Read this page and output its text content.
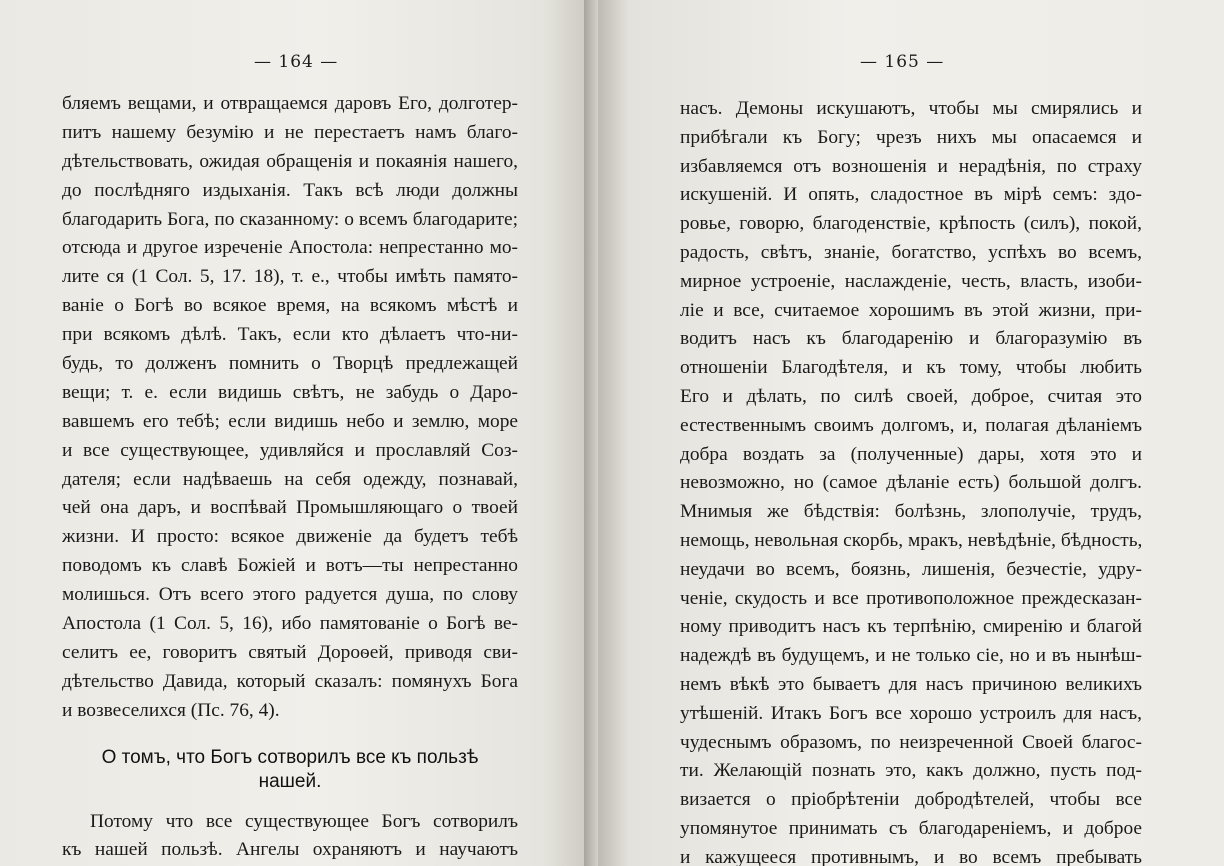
— 164 —
бляемъ вещами, и отвращаемся даровъ Его, долготер-
питъ нашему безумію и не перестаетъ намъ благо-
дѣтельствовать, ожидая обращенія и покаянія нашего,
до послѣдняго издыханія. Такъ всѣ люди должны
благодарить Бога, по сказанному: о всемъ благодарите;
отсюда и другое изреченіе Апостола: непрестанно мо-
лите ся (1 Сол. 5, 17. 18), т. е., чтобы имѣть памято-
ваніе о Богѣ во всякое время, на всякомъ мѣстѣ и
при всякомъ дѣлѣ. Такъ, если кто дѣлаетъ что-ни-
будь, то долженъ помнить о Творцѣ предлежащей
вещи; т. е. если видишь свѣтъ, не забудь о Даро-
вавшемъ его тебѣ; если видишь небо и землю, море
и все существующее, удивляйся и прославляй Соз-
дателя; если надѣваешь на себя одежду, познавай,
чей она даръ, и воспѣвай Промышляющаго о твоей
жизни. И просто: всякое движеніе да будетъ тебѣ
поводомъ къ славѣ Божіей и вотъ—ты непрестанно
молишься. Отъ всего этого радуется душа, по слову
Апостола (1 Сол. 5, 16), ибо памятованіе о Богѣ ве-
селитъ ее, говоритъ святый Дороѳей, приводя сви-
дѣтельство Давида, который сказалъ: помянухъ Бога
и возвеселихся (Пс. 76, 4).
О томъ, что Богъ сотворилъ все къ пользѣ
нашей.
Потому что все существующее Богъ сотворилъ
къ нашей пользѣ. Ангелы охраняютъ и научаютъ
— 165 —
насъ. Демоны искушаютъ, чтобы мы смирялись и
прибѣгали къ Богу; чрезъ нихъ мы опасаемся и
избавляемся отъ возношенія и нерадѣнія, по страху
искушеній. И опять, сладостное въ мірѣ семъ: здо-
ровье, говорю, благоденствіе, крѣпость (силъ), покой,
радость, свѣтъ, знаніе, богатство, успѣхъ во всемъ,
мирное устроеніе, наслажденіе, честь, власть, изоби-
ліе и все, считаемое хорошимъ въ этой жизни, при-
водитъ насъ къ благодаренію и благоразумію въ
отношеніи Благодѣтеля, и къ тому, чтобы любить
Его и дѣлать, по силѣ своей, доброе, считая это
естественнымъ своимъ долгомъ, и, полагая дѣланіемъ
добра воздать за (полученные) дары, хотя это и
невозможно, но (самое дѣланіе есть) большой долгъ.
Мнимыя же бѣдствія: болѣзнь, злополучіе, трудъ,
немощь, невольная скорбь, мракъ, невѣдѣніе, бѣдность,
неудачи во всемъ, боязнь, лишенія, безчестіе, удру-
ченіе, скудость и все противоположное преждесказан-
ному приводитъ насъ къ терпѣнію, смиренію и благой
надеждѣ въ будущемъ, и не только сіе, но и въ нынѣш-
немъ вѣкѣ это бываетъ для насъ причиною великихъ
утѣшеній. Итакъ Богъ все хорошо устроилъ для насъ,
чудеснымъ образомъ, по неизреченной Своей благос-
ти. Желающій познать это, какъ должно, пусть под-
визается о пріобрѣтеніи добродѣтелей, чтобы все
упомянутое принимать съ благодареніемъ, и доброе
и кажущееся противнымъ, и во всемъ пребывать
